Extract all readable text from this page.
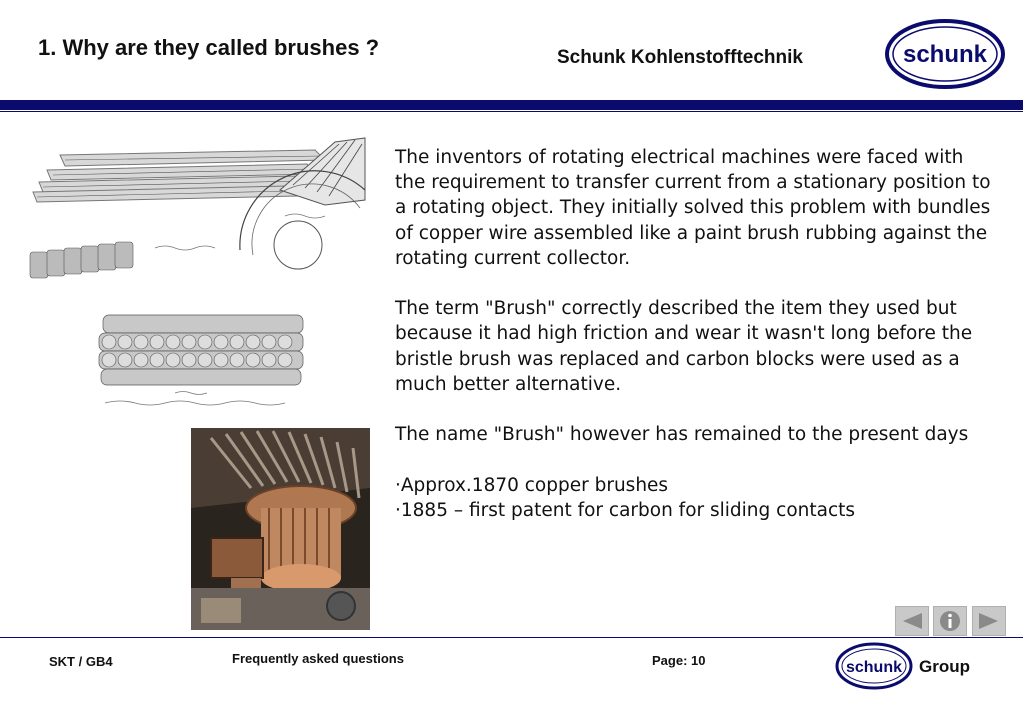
1. Why are they called brushes ?	Schunk Kohlenstofftechnik	schunk

The inventors of rotating electrical machines were faced with the requirement to transfer current from a stationary position to a rotating object. They initially solved this problem with bundles of copper wire assembled like a paint brush rubbing against the rotating current collector.

The term "Brush" correctly described the item they used but because it had high friction and wear it wasn't long before the bristle brush was replaced and carbon blocks were used as a much better alternative.

The name "Brush" however has remained to the present days

·Approx.1870 copper brushes
·1885 – first patent for carbon for sliding contacts
SKT / GB4	Frequently asked questions	Page: 10	schunk Group
